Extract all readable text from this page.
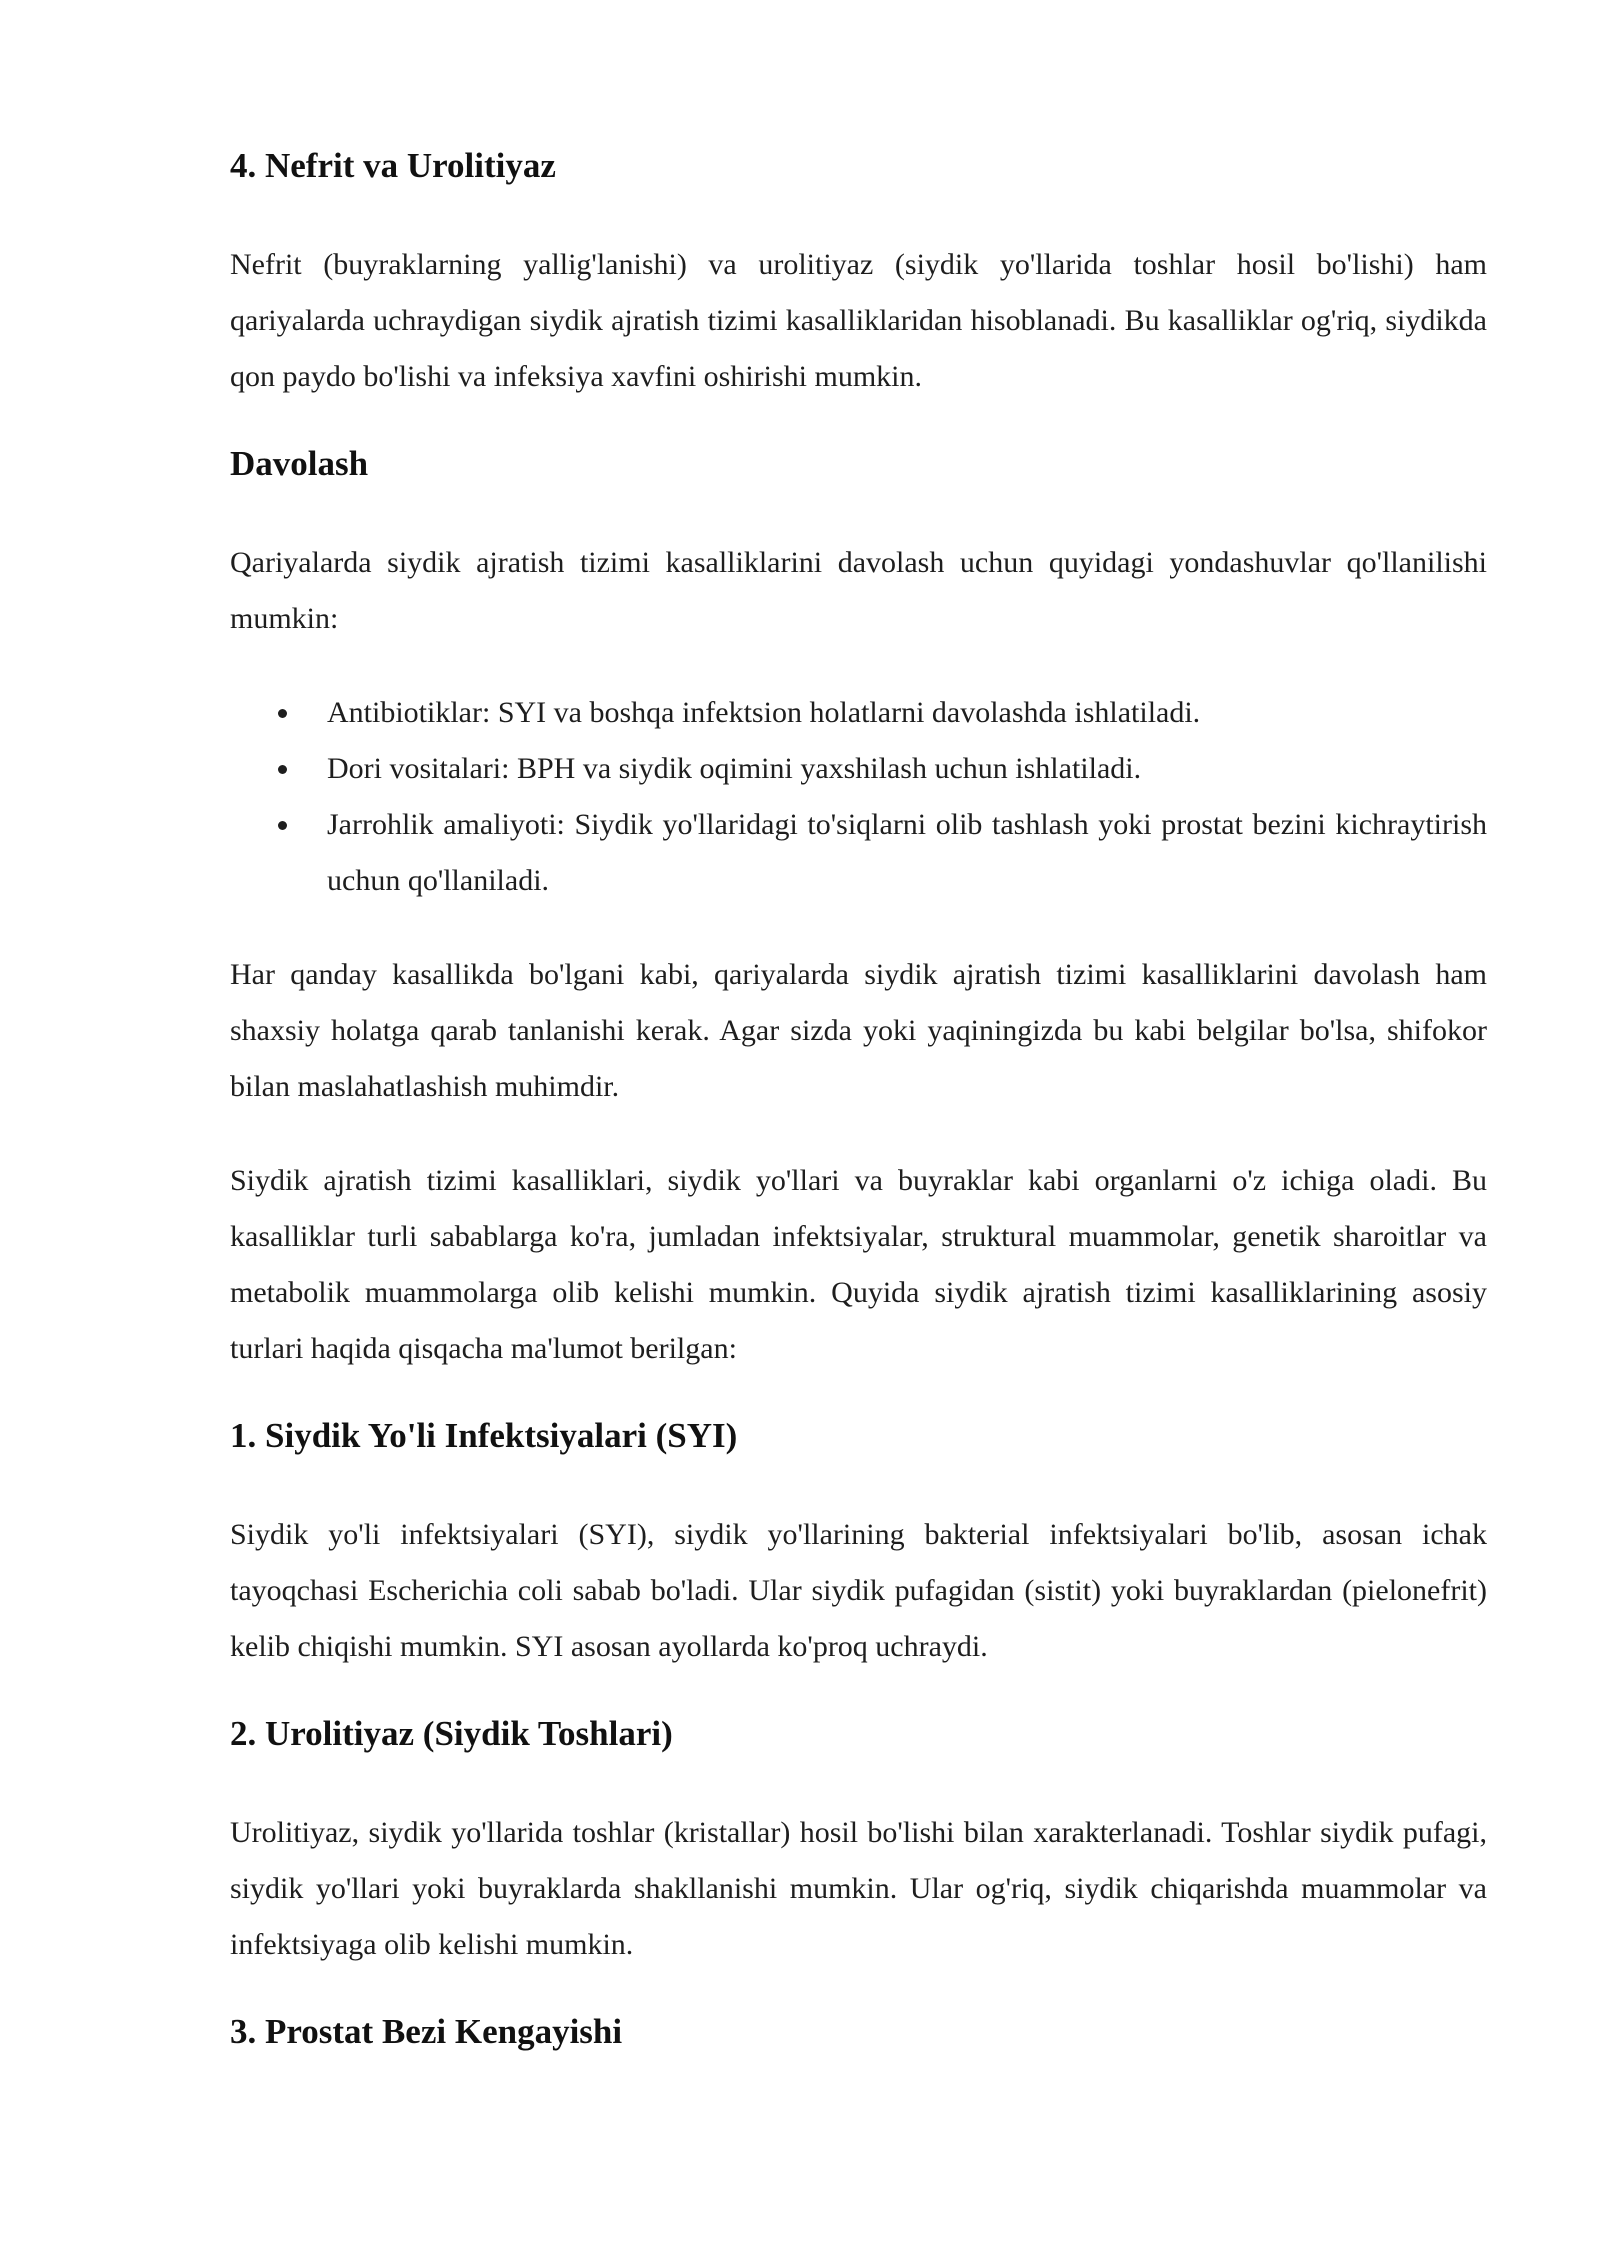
4. Nefrit va Urolitiyaz

Nefrit (buyraklarning yallig'lanishi) va urolitiyaz (siydik yo'llarida toshlar hosil bo'lishi) ham qariyalarda uchraydigan siydik ajratish tizimi kasalliklaridan hisoblanadi. Bu kasalliklar og'riq, siydikda qon paydo bo'lishi va infeksiya xavfini oshirishi mumkin.

Davolash

Qariyalarda siydik ajratish tizimi kasalliklarini davolash uchun quyidagi yondashuvlar qo'llanilishi mumkin:

Antibiotiklar: SYI va boshqa infektsion holatlarni davolashda ishlatiladi.
Dori vositalari: BPH va siydik oqimini yaxshilash uchun ishlatiladi.
Jarrohlik amaliyoti: Siydik yo'llaridagi to'siqlarni olib tashlash yoki prostat bezini kichraytirish uchun qo'llaniladi.

Har qanday kasallikda bo'lgani kabi, qariyalarda siydik ajratish tizimi kasalliklarini davolash ham shaxsiy holatga qarab tanlanishi kerak. Agar sizda yoki yaqiningizda bu kabi belgilar bo'lsa, shifokor bilan maslahatlashish muhimdir.

Siydik ajratish tizimi kasalliklari, siydik yo'llari va buyraklar kabi organlarni o'z ichiga oladi. Bu kasalliklar turli sabablarga ko'ra, jumladan infektsiyalar, struktural muammolar, genetik sharoitlar va metabolik muammolarga olib kelishi mumkin. Quyida siydik ajratish tizimi kasalliklarining asosiy turlari haqida qisqacha ma'lumot berilgan:

1. Siydik Yo'li Infektsiyalari (SYI)

Siydik yo'li infektsiyalari (SYI), siydik yo'llarining bakterial infektsiyalari bo'lib, asosan ichak tayoqchasi Escherichia coli sabab bo'ladi. Ular siydik pufagidan (sistit) yoki buyraklardan (pielonefrit) kelib chiqishi mumkin. SYI asosan ayollarda ko'proq uchraydi.

2. Urolitiyaz (Siydik Toshlari)

Urolitiyaz, siydik yo'llarida toshlar (kristallar) hosil bo'lishi bilan xarakterlanadi. Toshlar siydik pufagi, siydik yo'llari yoki buyraklarda shakllanishi mumkin. Ular og'riq, siydik chiqarishda muammolar va infektsiyaga olib kelishi mumkin.

3. Prostat Bezi Kengayishi
